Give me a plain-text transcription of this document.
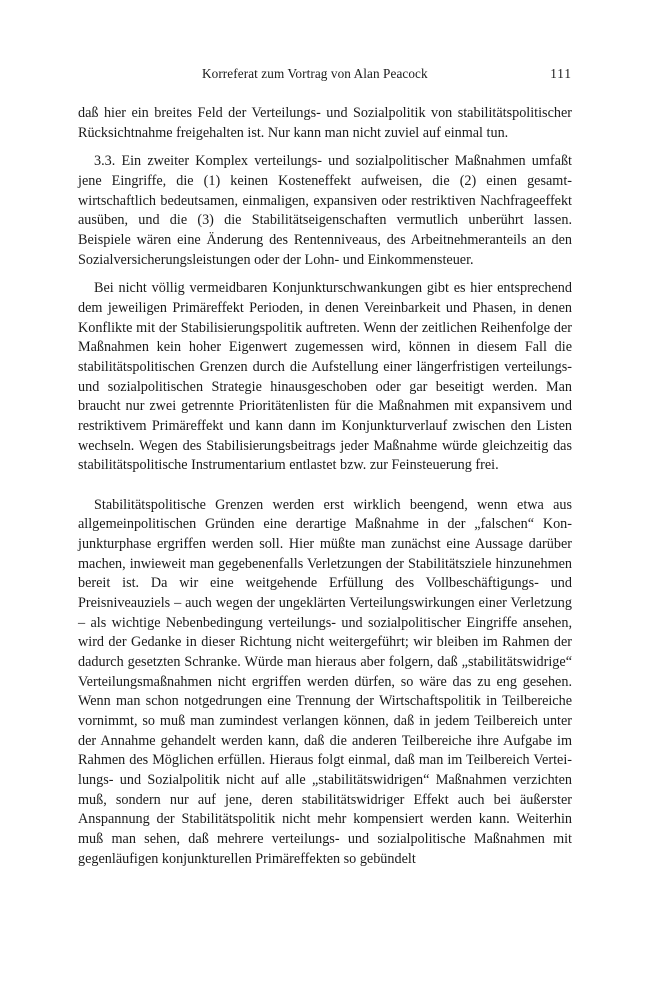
Korreferat zum Vortrag von Alan Peacock	111

daß hier ein breites Feld der Verteilungs- und Sozialpolitik von stabilitätspolitischer Rücksichtnahme freigehalten ist. Nur kann man nicht zuviel auf einmal tun.

3.3. Ein zweiter Komplex verteilungs- und sozialpolitischer Maßnahmen umfaßt jene Eingriffe, die (1) keinen Kosteneffekt aufweisen, die (2) einen gesamtwirtschaftlich bedeutsamen, einmaligen, expansiven oder restriktiven Nachfrageeffekt ausüben, und die (3) die Stabilitätseigenschaften vermutlich unberührt lassen. Beispiele wären eine Änderung des Rentenniveaus, des Arbeitnehmeranteils an den Sozialversicherungsleistungen oder der Lohn- und Einkommensteuer.

Bei nicht völlig vermeidbaren Konjunkturschwankungen gibt es hier entsprechend dem jeweiligen Primäreffekt Perioden, in denen Vereinbarkeit und Phasen, in denen Konflikte mit der Stabilisierungspolitik auftreten. Wenn der zeitlichen Reihenfolge der Maßnahmen kein hoher Eigenwert zugemessen wird, können in diesem Fall die stabilitätspolitischen Grenzen durch die Aufstellung einer längerfristigen verteilungs- und sozialpolitischen Strategie hinausgeschoben oder gar beseitigt werden. Man braucht nur zwei getrennte Prioritätenlisten für die Maßnahmen mit expansivem und restriktivem Primäreffekt und kann dann im Konjunkturverlauf zwischen den Listen wechseln. Wegen des Stabilisierungsbeitrags jeder Maßnahme würde gleichzeitig das stabilitätspolitische Instrumentarium entlastet bzw. zur Feinsteuerung frei.

Stabilitätspolitische Grenzen werden erst wirklich beengend, wenn etwa aus allgemeinpolitischen Gründen eine derartige Maßnahme in der „falschen“ Konjunkturphase ergriffen werden soll. Hier müßte man zunächst eine Aussage darüber machen, inwieweit man gegebenenfalls Verletzungen der Stabilitätsziele hinzunehmen bereit ist. Da wir eine weitgehende Erfüllung des Vollbeschäftigungs- und Preisniveauziels – auch wegen der ungeklärten Verteilungswirkungen einer Verletzung – als wichtige Nebenbedingung verteilungs- und sozialpolitischer Eingriffe ansehen, wird der Gedanke in dieser Richtung nicht weitergeführt; wir bleiben im Rahmen der dadurch gesetzten Schranke. Würde man hieraus aber folgern, daß „stabilitätswidrige“ Verteilungsmaßnahmen nicht ergriffen werden dürfen, so wäre das zu eng gesehen. Wenn man schon notgedrungen eine Trennung der Wirtschaftspolitik in Teilbereiche vornimmt, so muß man zumindest verlangen können, daß in jedem Teilbereich unter der Annahme gehandelt werden kann, daß die anderen Teilbereiche ihre Aufgabe im Rahmen des Möglichen erfüllen. Hieraus folgt einmal, daß man im Teilbereich Verteilungs- und Sozialpolitik nicht auf alle „stabilitätswidrigen“ Maßnahmen verzichten muß, sondern nur auf jene, deren stabilitätswidriger Effekt auch bei äußerster Anspannung der Stabilitätspolitik nicht mehr kompensiert werden kann. Weiterhin muß man sehen, daß mehrere verteilungs- und sozialpolitische Maßnahmen mit gegenläufigen konjunkturellen Primäreffekten so gebündelt
